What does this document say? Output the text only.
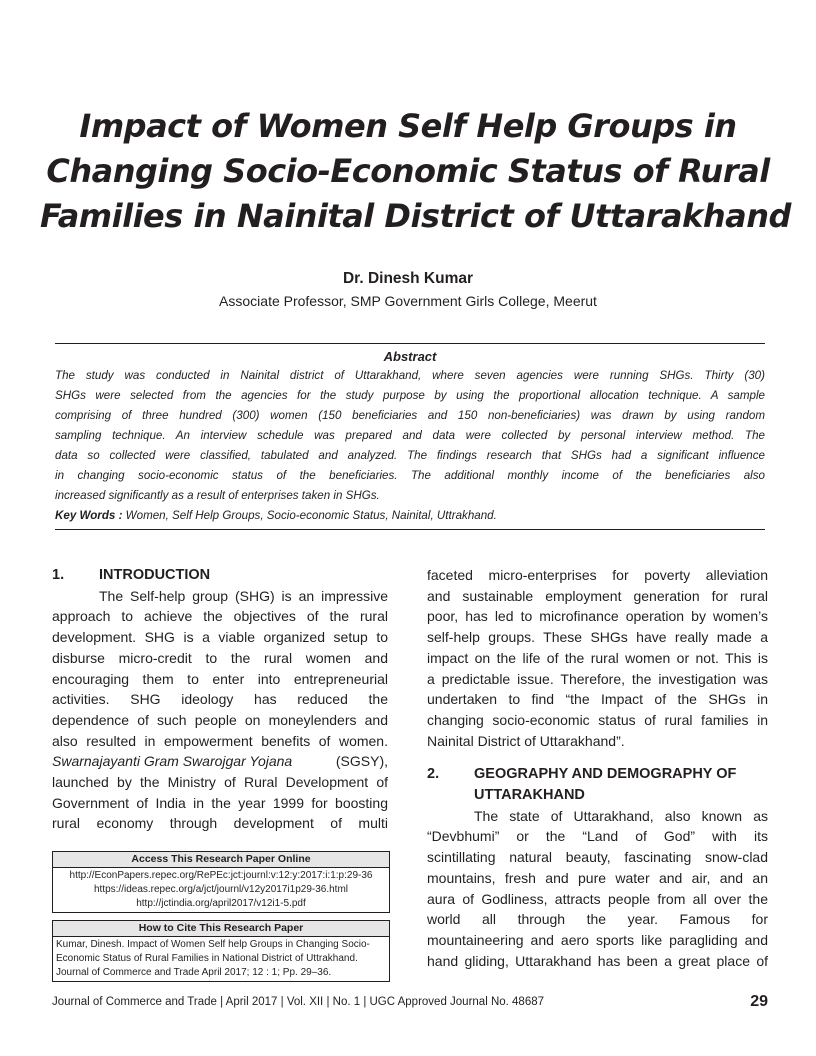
Impact of Women Self Help Groups in
Changing Socio-Economic Status of Rural
Families in Nainital District of Uttarakhand
Dr. Dinesh Kumar
Associate Professor, SMP Government Girls College, Meerut
Abstract
The study was conducted in Nainital district of Uttarakhand, where seven agencies were running SHGs. Thirty (30)
SHGs were selected from the agencies for the study purpose by using the proportional allocation technique. A sample
comprising of three hundred (300) women (150 beneficiaries and 150 non-beneficiaries) was drawn by using random
sampling technique. An interview schedule was prepared and data were collected by personal interview method. The
data so collected were classified, tabulated and analyzed. The findings research that SHGs had a significant influence
in changing socio-economic status of the beneficiaries. The additional monthly income of the beneficiaries also
increased significantly as a result of enterprises taken in SHGs.
Key Words : Women, Self Help Groups, Socio-economic Status, Nainital, Uttrakhand.
1. INTRODUCTION
The Self-help group (SHG) is an impressive
approach to achieve the objectives of the rural
development. SHG is a viable organized setup to
disburse micro-credit to the rural women and
encouraging them to enter into entrepreneurial
activities. SHG ideology has reduced the
dependence of such people on moneylenders and
also resulted in empowerment benefits of women.
Swarnajayanti Gram Swarojgar Yojana	(SGSY),
launched by the Ministry of Rural Development of
Government of India in the year 1999 for boosting
rural economy through development of multi
Access This Research Paper Online
http://EconPapers.repec.org/RePEc:jct:journl:v:12:y:2017:i:1:p:29-36
https://ideas.repec.org/a/jct/journl/v12y2017i1p29-36.html
http://jctindia.org/april2017/v12i1-5.pdf
How to Cite This Research Paper
Kumar, Dinesh. Impact of Women Self help Groups in Changing Socio-
Economic Status of Rural Families in National District of Uttrakhand.
Journal of Commerce and Trade April 2017; 12 : 1; Pp. 29–36.
faceted micro-enterprises for poverty alleviation
and sustainable employment generation for rural
poor, has led to microfinance operation by women’s
self-help groups. These SHGs have really made a
impact on the life of the rural women or not. This is
a predictable issue. Therefore, the investigation was
undertaken to find “the Impact of the SHGs in
changing socio-economic status of rural families in
Nainital District of Uttarakhand”.
2. GEOGRAPHY AND DEMOGRAPHY OF
UTTARAKHAND
The state of Uttarakhand, also known as
“Devbhumi” or the “Land of God” with its
scintillating natural beauty, fascinating snow-clad
mountains, fresh and pure water and air, and an
aura of Godliness, attracts people from all over the
world all through the year. Famous for
mountaineering and aero sports like paragliding and
hand gliding, Uttarakhand has been a great place of
Journal of Commerce and Trade | April 2017 | Vol. XII | No. 1 | UGC Approved Journal No. 48687	29
